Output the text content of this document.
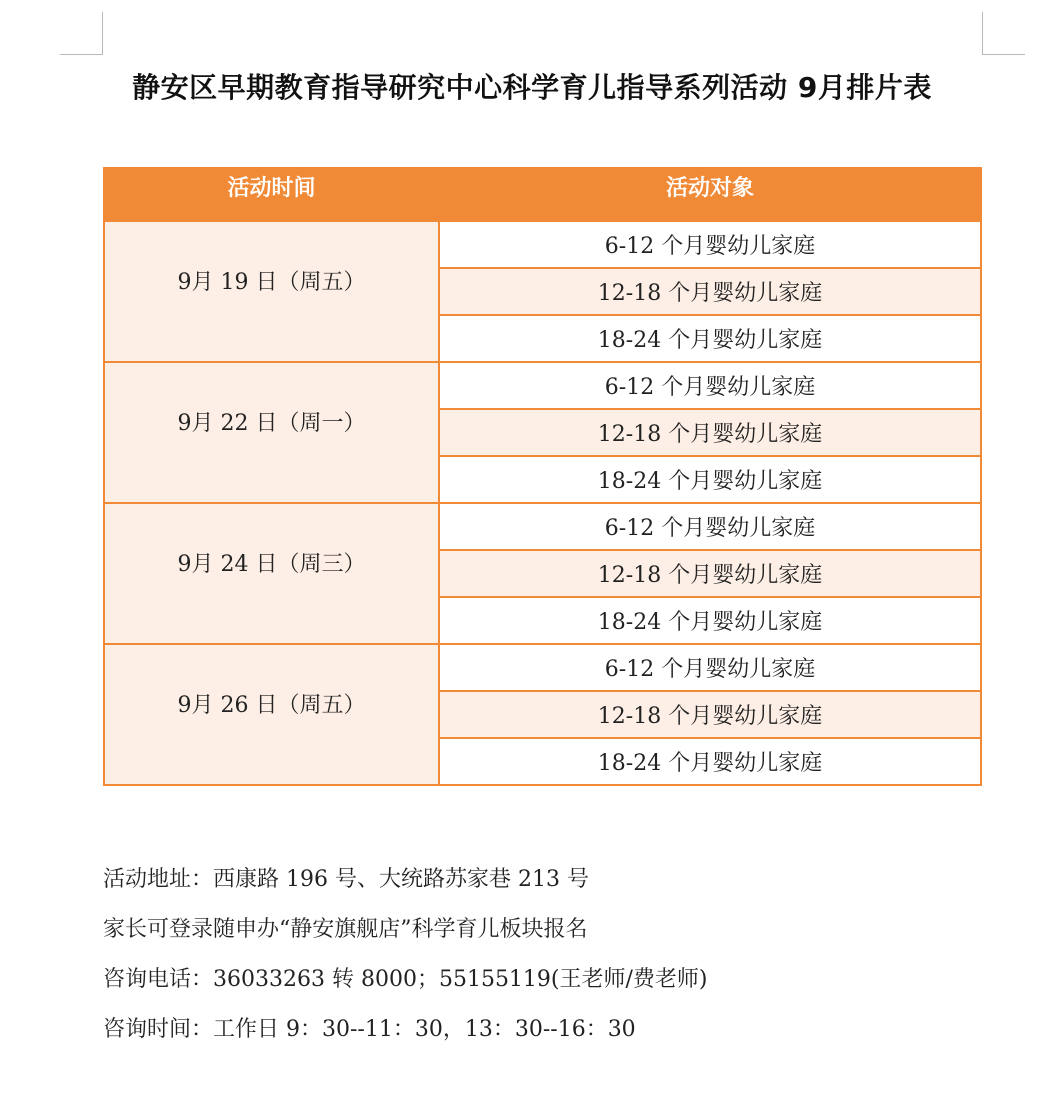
静安区早期教育指导研究中心科学育儿指导系列活动 9月排片表
活动时间	活动对象
9月 19 日（周五）	6-12 个月婴幼儿家庭
	12-18 个月婴幼儿家庭
	18-24 个月婴幼儿家庭
9月 22 日（周一）	6-12 个月婴幼儿家庭
	12-18 个月婴幼儿家庭
	18-24 个月婴幼儿家庭
9月 24 日（周三）	6-12 个月婴幼儿家庭
	12-18 个月婴幼儿家庭
	18-24 个月婴幼儿家庭
9月 26 日（周五）	6-12 个月婴幼儿家庭
	12-18 个月婴幼儿家庭
	18-24 个月婴幼儿家庭
活动地址：西康路 196 号、大统路苏家巷 213 号
家长可登录随申办“静安旗舰店”科学育儿板块报名
咨询电话：36033263 转 8000；55155119(王老师/费老师)
咨询时间：工作日 9：30--11：30，13：30--16：30
